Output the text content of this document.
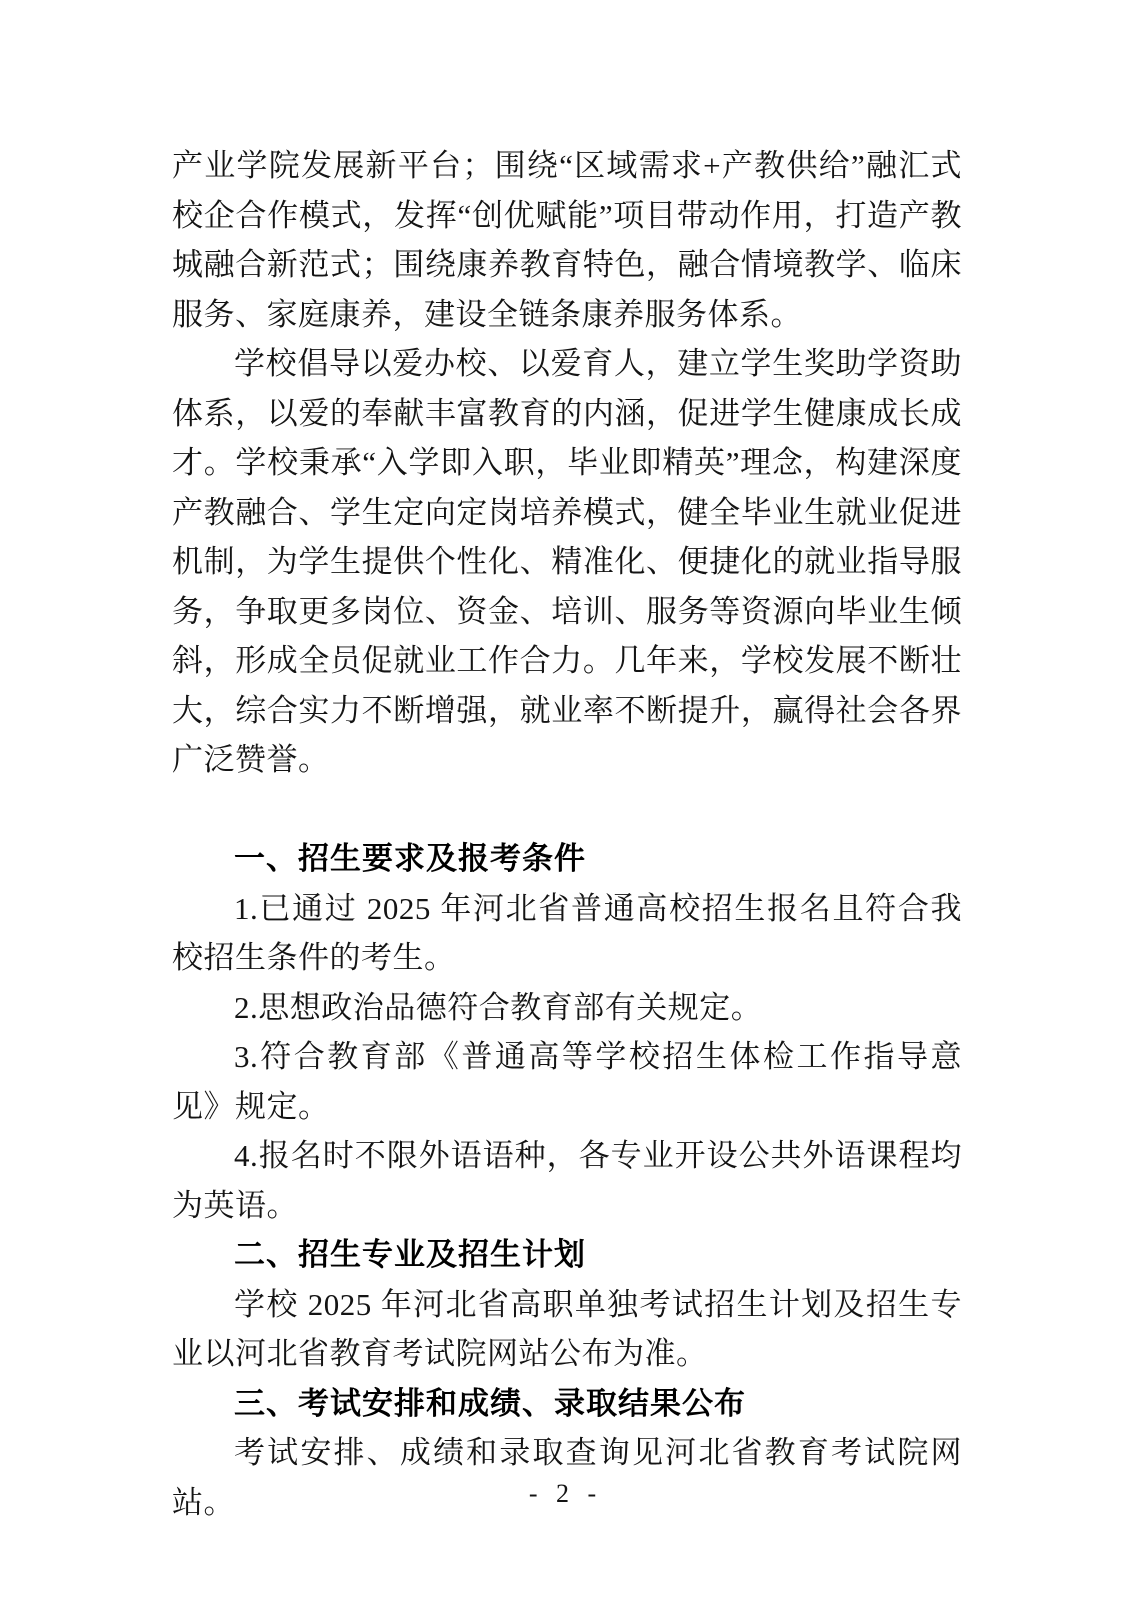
产业学院发展新平台；围绕“区域需求+产教供给”融汇式校企合作模式，发挥“创优赋能”项目带动作用，打造产教城融合新范式；围绕康养教育特色，融合情境教学、临床服务、家庭康养，建设全链条康养服务体系。

学校倡导以爱办校、以爱育人，建立学生奖助学资助体系，以爱的奉献丰富教育的内涵，促进学生健康成长成才。学校秉承“入学即入职，毕业即精英”理念，构建深度产教融合、学生定向定岗培养模式，健全毕业生就业促进机制，为学生提供个性化、精准化、便捷化的就业指导服务，争取更多岗位、资金、培训、服务等资源向毕业生倾斜，形成全员促就业工作合力。几年来，学校发展不断壮大，综合实力不断增强，就业率不断提升，赢得社会各界广泛赞誉。

一、招生要求及报考条件

1.已通过 2025 年河北省普通高校招生报名且符合我校招生条件的考生。

2.思想政治品德符合教育部有关规定。

3.符合教育部《普通高等学校招生体检工作指导意见》规定。

4.报名时不限外语语种，各专业开设公共外语课程均为英语。

二、招生专业及招生计划

学校 2025 年河北省高职单独考试招生计划及招生专业以河北省教育考试院网站公布为准。

三、考试安排和成绩、录取结果公布

考试安排、成绩和录取查询见河北省教育考试院网站。	- 2 -
